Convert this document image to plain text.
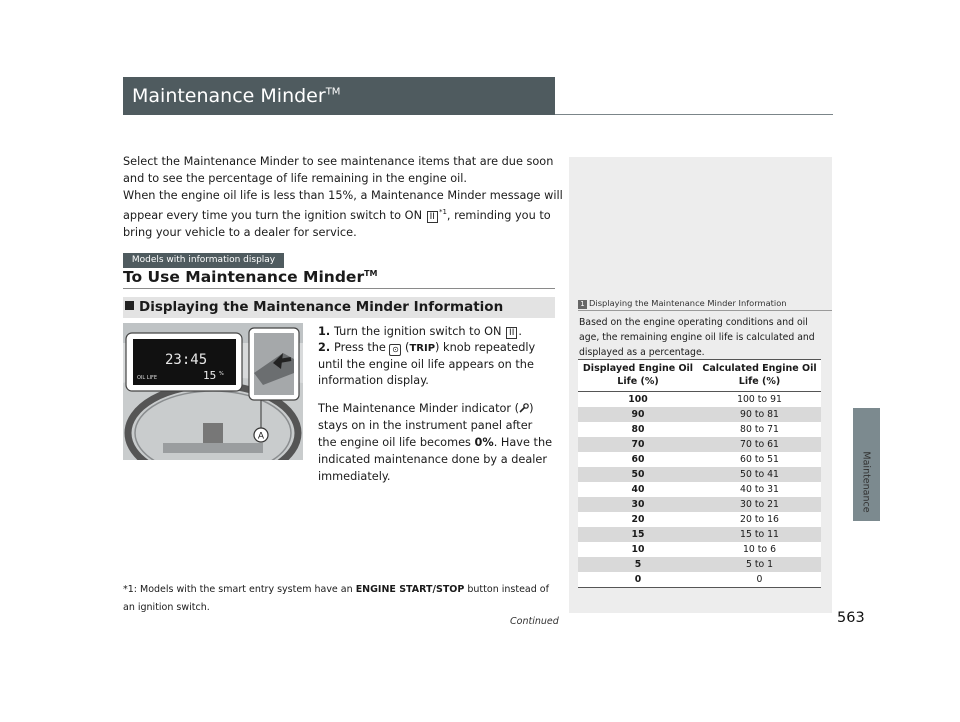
Maintenance Minder™
Maintenance
563
Select the Maintenance Minder to see maintenance items that are due soon and to see the percentage of life remaining in the engine oil.
When the engine oil life is less than 15%, a Maintenance Minder message will appear every time you turn the ignition switch to ON II $^{*1}$, reminding you to bring your vehicle to a dealer for service.
Models with information display
To Use Maintenance Minder™
Displaying the Maintenance Minder Information
A
23:45
OIL LIFE	15 %
1. Turn the ignition switch to ON II .
2. Press the ⊙ (TRIP) knob repeatedly until the engine oil life appears on the information display.
The Maintenance Minder indicator ( ) stays on in the instrument panel after the engine oil life becomes 0%. Have the indicated maintenance done by a dealer immediately.
*1: Models with the smart entry system have an ENGINE START/STOP button instead of an ignition switch.
Continued
1 Displaying the Maintenance Minder Information
Based on the engine operating conditions and oil age, the remaining engine oil life is calculated and displayed as a percentage.
Displayed Engine Oil Life (%)	Calculated Engine Oil Life (%)
100	100 to 91
90	90 to 81
80	80 to 71
70	70 to 61
60	60 to 51
50	50 to 41
40	40 to 31
30	30 to 21
20	20 to 16
15	15 to 11
10	10 to 6
5	5 to 1
0	0
